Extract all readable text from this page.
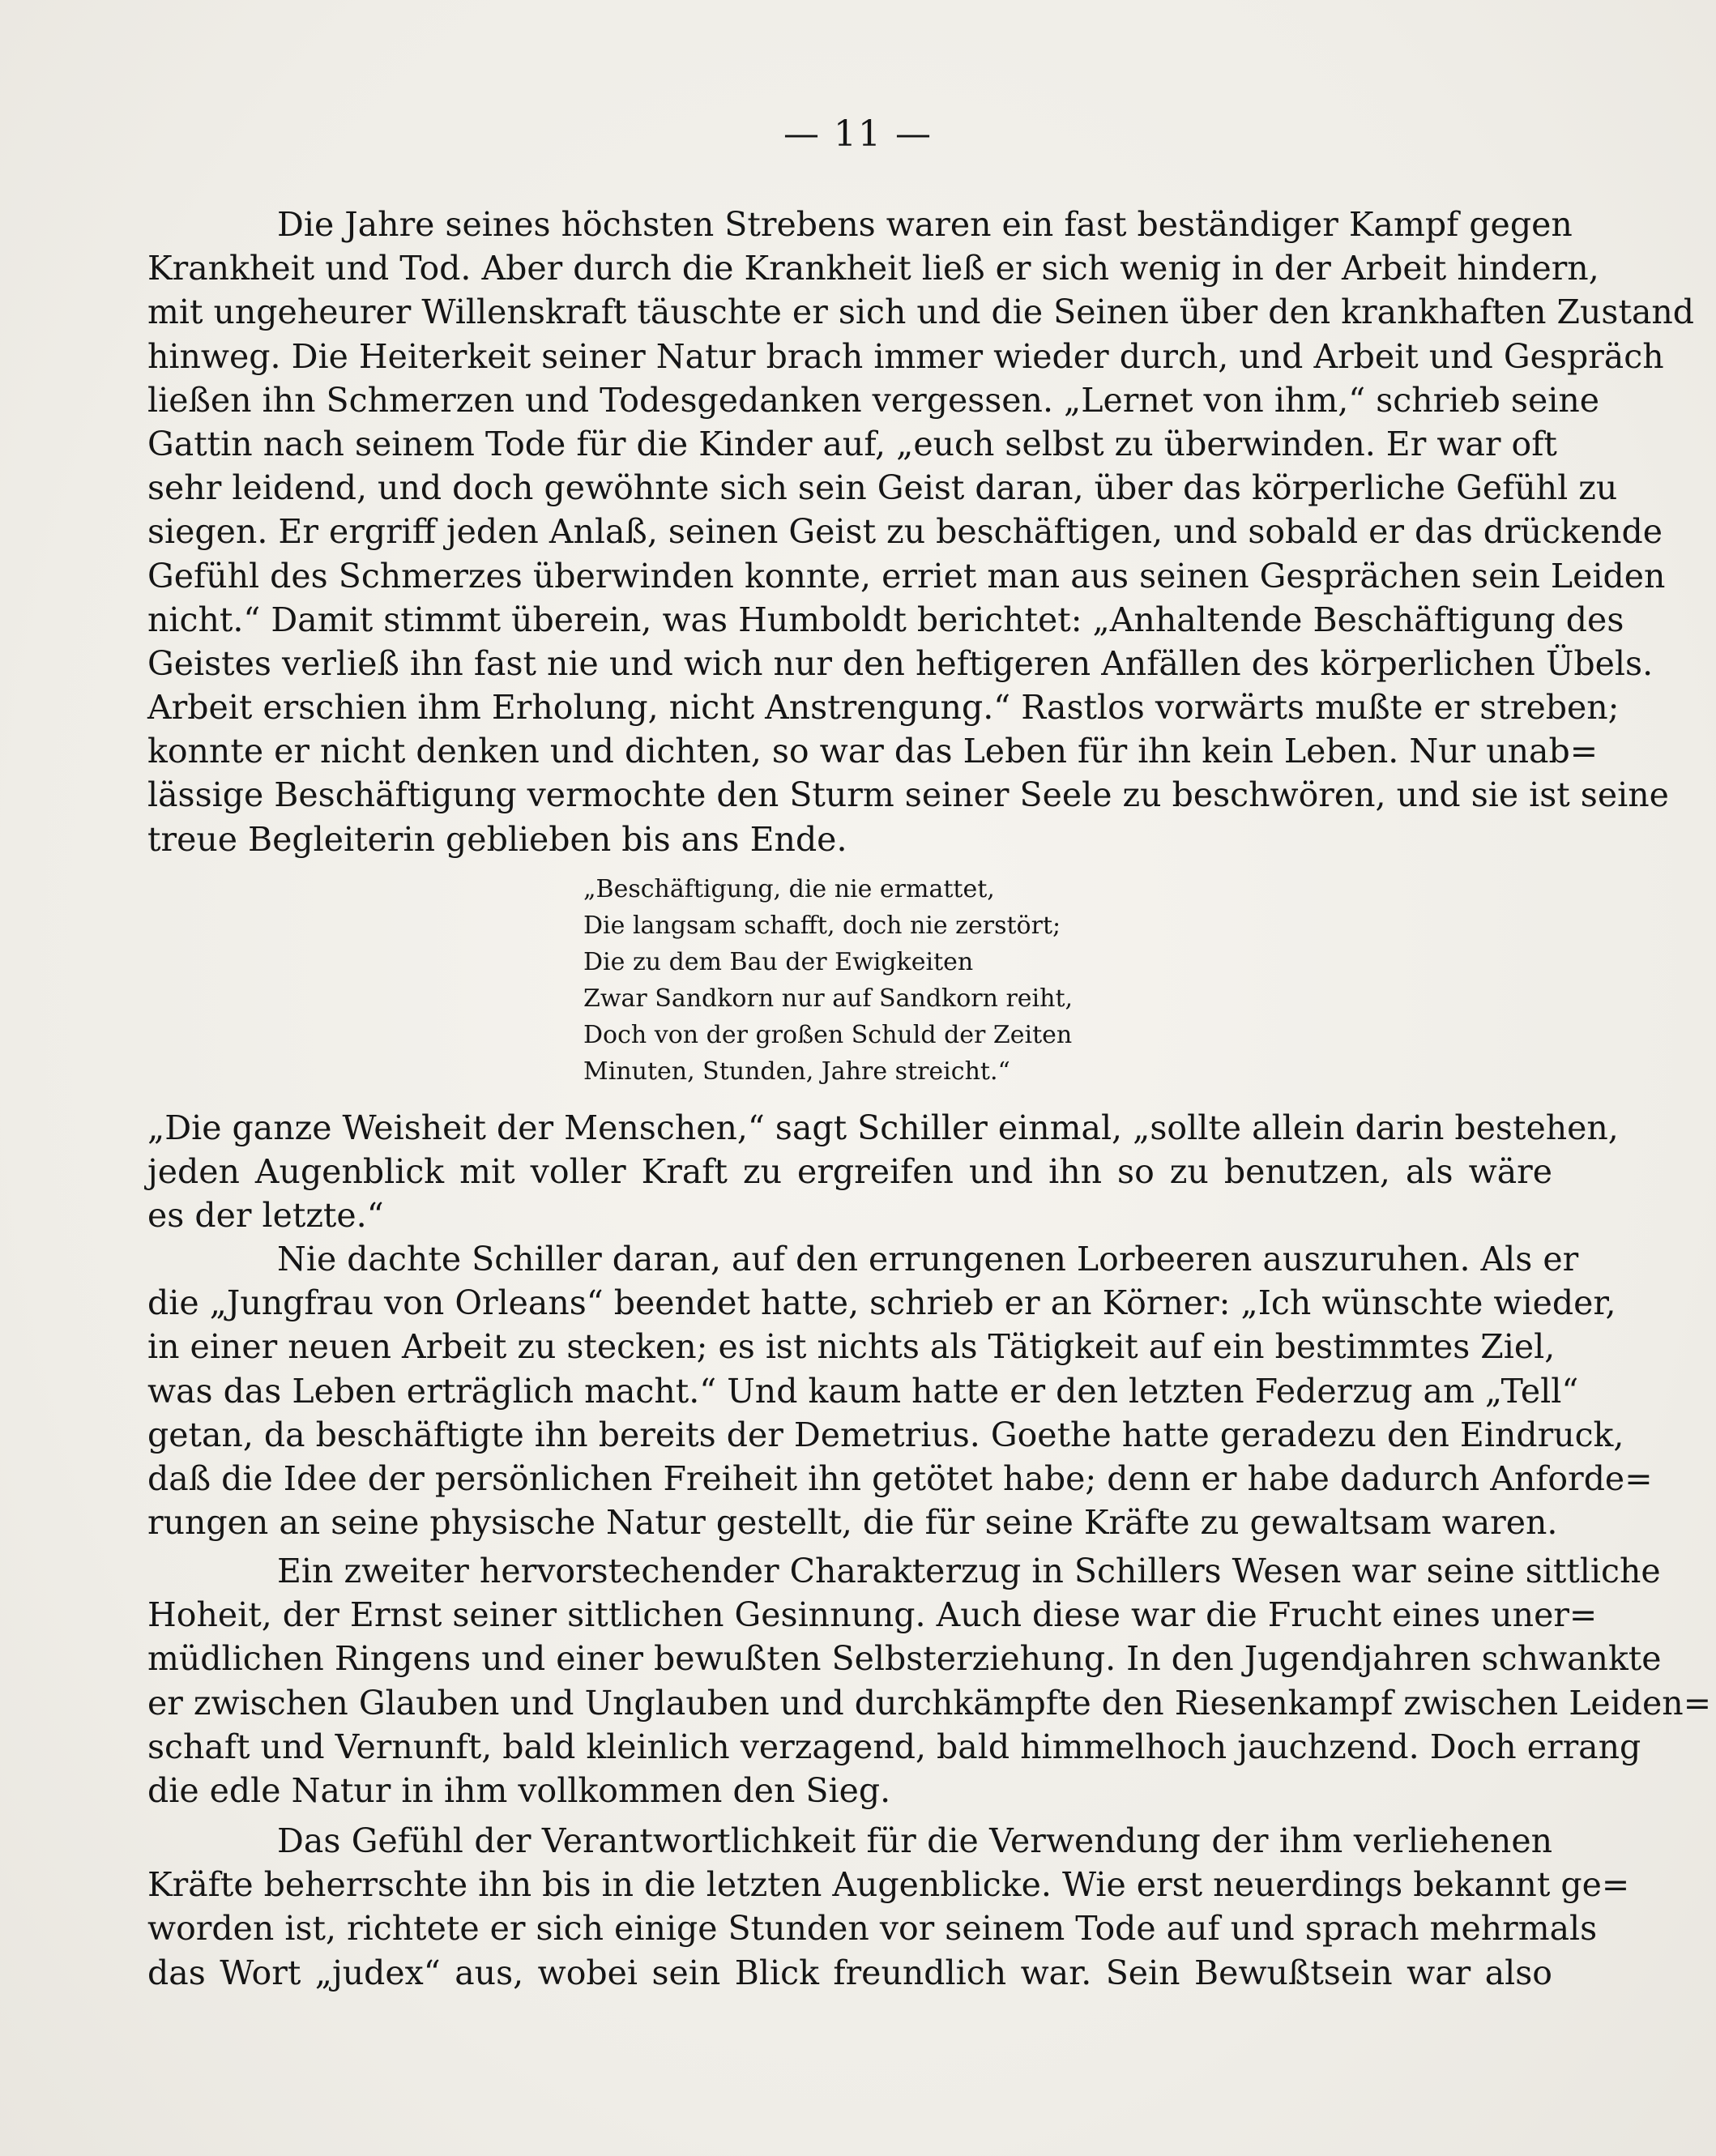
— 11 —
Die Jahre seines höchsten Strebens waren ein fast beständiger Kampf gegen
Krankheit und Tod. Aber durch die Krankheit ließ er sich wenig in der Arbeit hindern,
mit ungeheurer Willenskraft täuschte er sich und die Seinen über den krankhaften Zustand
hinweg. Die Heiterkeit seiner Natur brach immer wieder durch, und Arbeit und Gespräch
ließen ihn Schmerzen und Todesgedanken vergessen. „Lernet von ihm,“ schrieb seine
Gattin nach seinem Tode für die Kinder auf, „euch selbst zu überwinden. Er war oft
sehr leidend, und doch gewöhnte sich sein Geist daran, über das körperliche Gefühl zu
siegen. Er ergriff jeden Anlaß, seinen Geist zu beschäftigen, und sobald er das drückende
Gefühl des Schmerzes überwinden konnte, erriet man aus seinen Gesprächen sein Leiden
nicht.“ Damit stimmt überein, was Humboldt berichtet: „Anhaltende Beschäftigung des
Geistes verließ ihn fast nie und wich nur den heftigeren Anfällen des körperlichen Übels.
Arbeit erschien ihm Erholung, nicht Anstrengung.“ Rastlos vorwärts mußte er streben;
konnte er nicht denken und dichten, so war das Leben für ihn kein Leben. Nur unab=
lässige Beschäftigung vermochte den Sturm seiner Seele zu beschwören, und sie ist seine
treue Begleiterin geblieben bis ans Ende.
„Beschäftigung, die nie ermattet,
Die langsam schafft, doch nie zerstört;
Die zu dem Bau der Ewigkeiten
Zwar Sandkorn nur auf Sandkorn reiht,
Doch von der großen Schuld der Zeiten
Minuten, Stunden, Jahre streicht.“
„Die ganze Weisheit der Menschen,“ sagt Schiller einmal, „sollte allein darin bestehen,
jeden Augenblick mit voller Kraft zu ergreifen und ihn so zu benutzen, als wäre
es der letzte.“
Nie dachte Schiller daran, auf den errungenen Lorbeeren auszuruhen. Als er
die „Jungfrau von Orleans“ beendet hatte, schrieb er an Körner: „Ich wünschte wieder,
in einer neuen Arbeit zu stecken; es ist nichts als Tätigkeit auf ein bestimmtes Ziel,
was das Leben erträglich macht.“ Und kaum hatte er den letzten Federzug am „Tell“
getan, da beschäftigte ihn bereits der Demetrius. Goethe hatte geradezu den Eindruck,
daß die Idee der persönlichen Freiheit ihn getötet habe; denn er habe dadurch Anforde=
rungen an seine physische Natur gestellt, die für seine Kräfte zu gewaltsam waren.
Ein zweiter hervorstechender Charakterzug in Schillers Wesen war seine sittliche
Hoheit, der Ernst seiner sittlichen Gesinnung. Auch diese war die Frucht eines uner=
müdlichen Ringens und einer bewußten Selbsterziehung. In den Jugendjahren schwankte
er zwischen Glauben und Unglauben und durchkämpfte den Riesenkampf zwischen Leiden=
schaft und Vernunft, bald kleinlich verzagend, bald himmelhoch jauchzend. Doch errang
die edle Natur in ihm vollkommen den Sieg.
Das Gefühl der Verantwortlichkeit für die Verwendung der ihm verliehenen
Kräfte beherrschte ihn bis in die letzten Augenblicke. Wie erst neuerdings bekannt ge=
worden ist, richtete er sich einige Stunden vor seinem Tode auf und sprach mehrmals
das Wort „judex“ aus, wobei sein Blick freundlich war. Sein Bewußtsein war also
